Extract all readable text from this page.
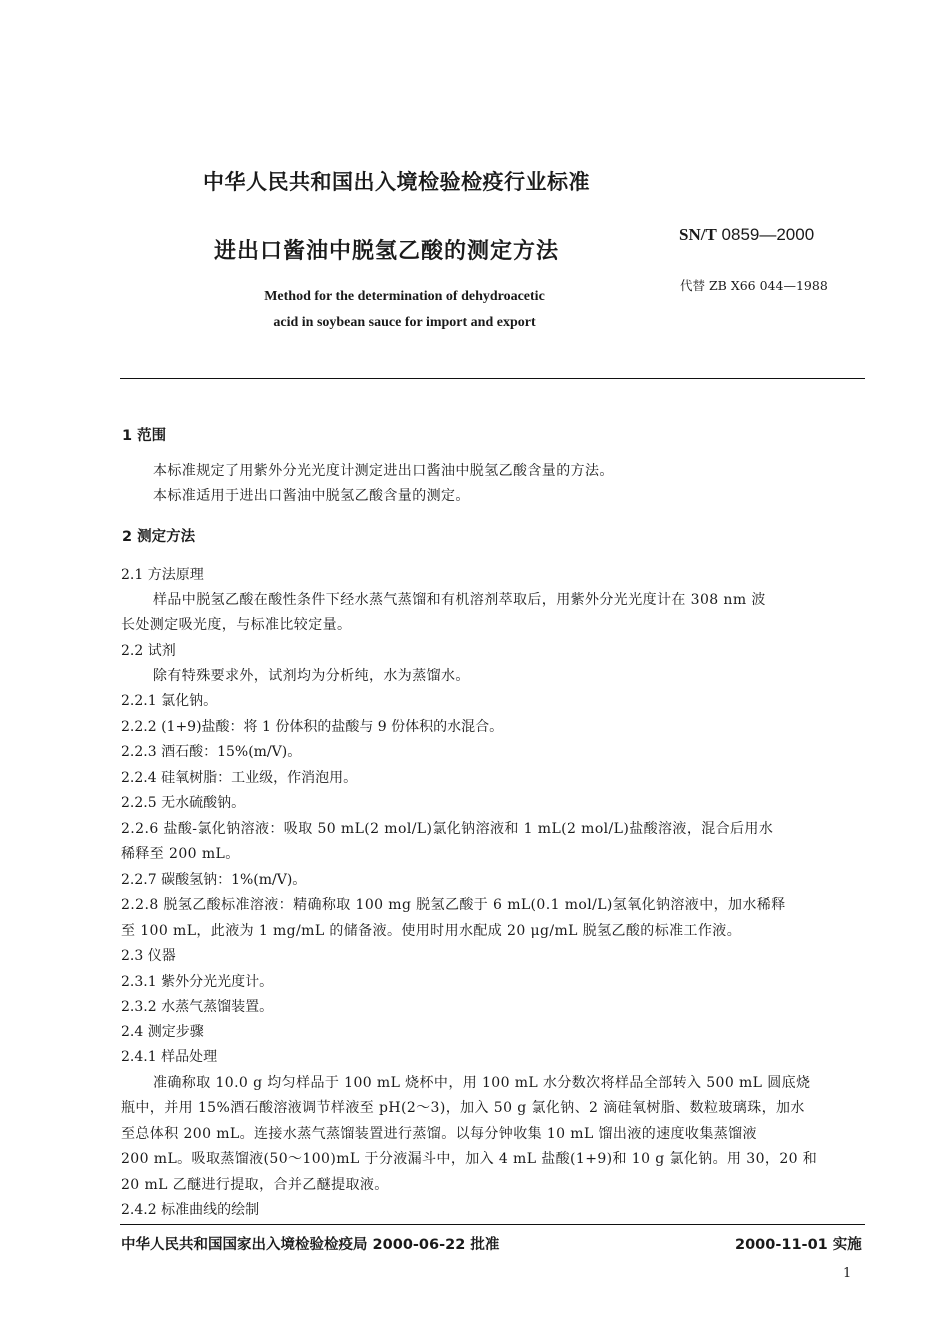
中华人民共和国出入境检验检疫行业标准
进出口酱油中脱氢乙酸的测定方法
Method for the determination of dehydroacetic
acid in soybean sauce for import and export
SN/T 0859—2000
代替 ZB X66 044—1988
1 范围
本标准规定了用紫外分光光度计测定进出口酱油中脱氢乙酸含量的方法。
本标准适用于进出口酱油中脱氢乙酸含量的测定。
2 测定方法
2.1 方法原理
样品中脱氢乙酸在酸性条件下经水蒸气蒸馏和有机溶剂萃取后，用紫外分光光度计在 308 nm 波
长处测定吸光度，与标准比较定量。
2.2 试剂
除有特殊要求外，试剂均为分析纯，水为蒸馏水。
2.2.1 氯化钠。
2.2.2 (1+9)盐酸：将 1 份体积的盐酸与 9 份体积的水混合。
2.2.3 酒石酸：15%(m/V)。
2.2.4 硅氧树脂：工业级，作消泡用。
2.2.5 无水硫酸钠。
2.2.6 盐酸-氯化钠溶液：吸取 50 mL(2 mol/L)氯化钠溶液和 1 mL(2 mol/L)盐酸溶液，混合后用水
稀释至 200 mL。
2.2.7 碳酸氢钠：1%(m/V)。
2.2.8 脱氢乙酸标准溶液：精确称取 100 mg 脱氢乙酸于 6 mL(0.1 mol/L)氢氧化钠溶液中，加水稀释
至 100 mL，此液为 1 mg/mL 的储备液。使用时用水配成 20 μg/mL 脱氢乙酸的标准工作液。
2.3 仪器
2.3.1 紫外分光光度计。
2.3.2 水蒸气蒸馏装置。
2.4 测定步骤
2.4.1 样品处理
准确称取 10.0 g 均匀样品于 100 mL 烧杯中，用 100 mL 水分数次将样品全部转入 500 mL 圆底烧
瓶中，并用 15%酒石酸溶液调节样液至 pH(2～3)，加入 50 g 氯化钠、2 滴硅氧树脂、数粒玻璃珠，加水
至总体积 200 mL。连接水蒸气蒸馏装置进行蒸馏。以每分钟收集 10 mL 馏出液的速度收集蒸馏液
200 mL。吸取蒸馏液(50～100)mL 于分液漏斗中，加入 4 mL 盐酸(1+9)和 10 g 氯化钠。用 30，20 和
20 mL 乙醚进行提取，合并乙醚提取液。
2.4.2 标准曲线的绘制
中华人民共和国国家出入境检验检疫局 2000-06-22 批准	2000-11-01 实施
1
